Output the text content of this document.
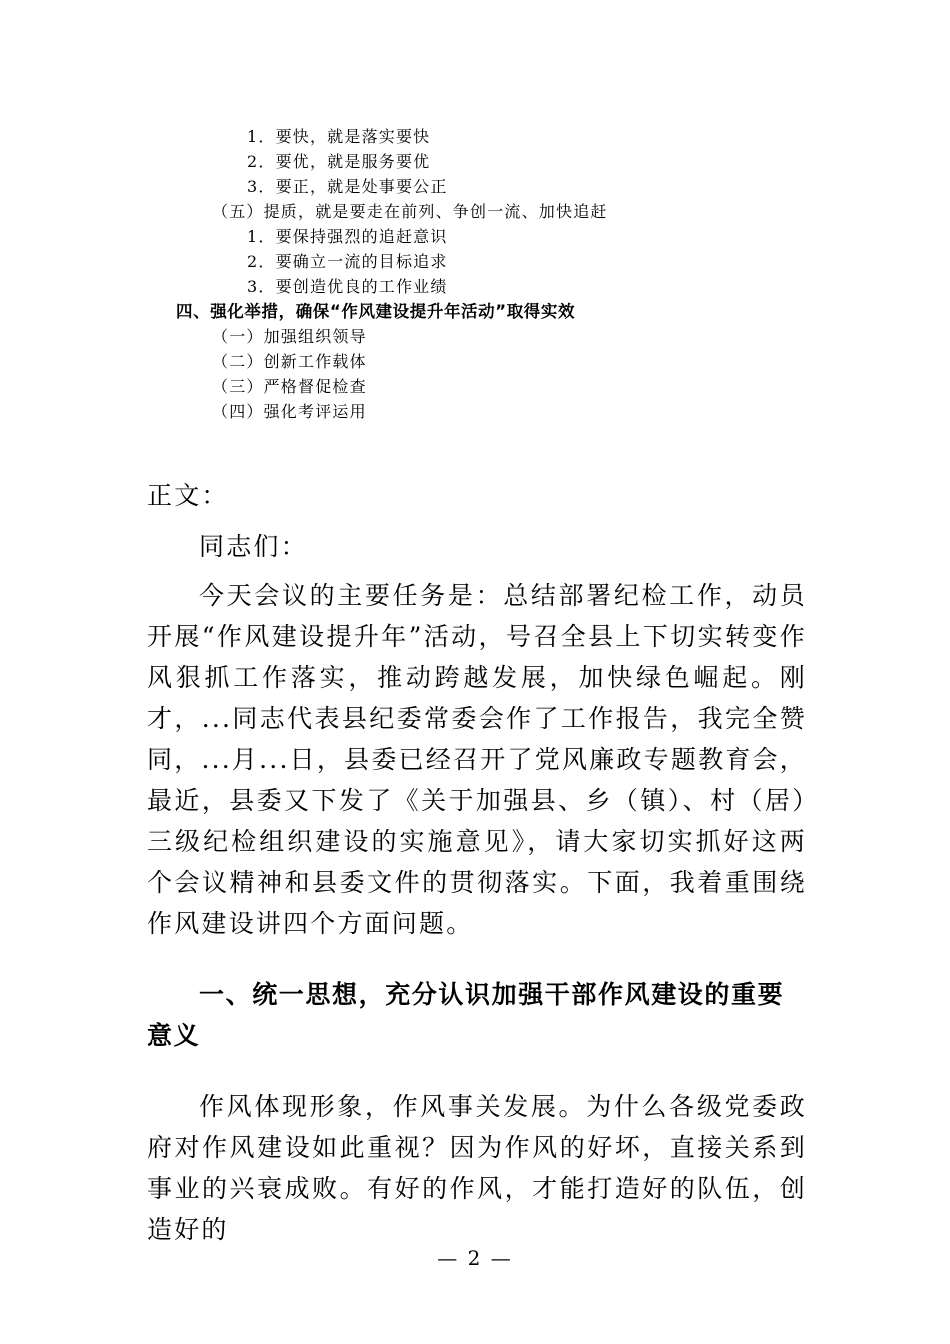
1．要快，就是落实要快
2．要优，就是服务要优
3．要正，就是处事要公正
（五）提质，就是要走在前列、争创一流、加快追赶
1．要保持强烈的追赶意识
2．要确立一流的目标追求
3．要创造优良的工作业绩
四、强化举措，确保“作风建设提升年活动”取得实效
（一）加强组织领导
（二）创新工作载体
（三）严格督促检查
（四）强化考评运用

正文：

同志们：

今天会议的主要任务是：总结部署纪检工作，动员开展“作风建设提升年”活动，号召全县上下切实转变作风狠抓工作落实，推动跨越发展，加快绿色崛起。刚才，...同志代表县纪委常委会作了工作报告，我完全赞同，...月...日，县委已经召开了党风廉政专题教育会，最近，县委又下发了《关于加强县、乡（镇）、村（居）三级纪检组织建设的实施意见》，请大家切实抓好这两个会议精神和县委文件的贯彻落实。下面，我着重围绕作风建设讲四个方面问题。

一、统一思想，充分认识加强干部作风建设的重要意义

作风体现形象，作风事关发展。为什么各级党委政府对作风建设如此重视？因为作风的好坏，直接关系到事业的兴衰成败。有好的作风，才能打造好的队伍，创造好的

— 2 —
